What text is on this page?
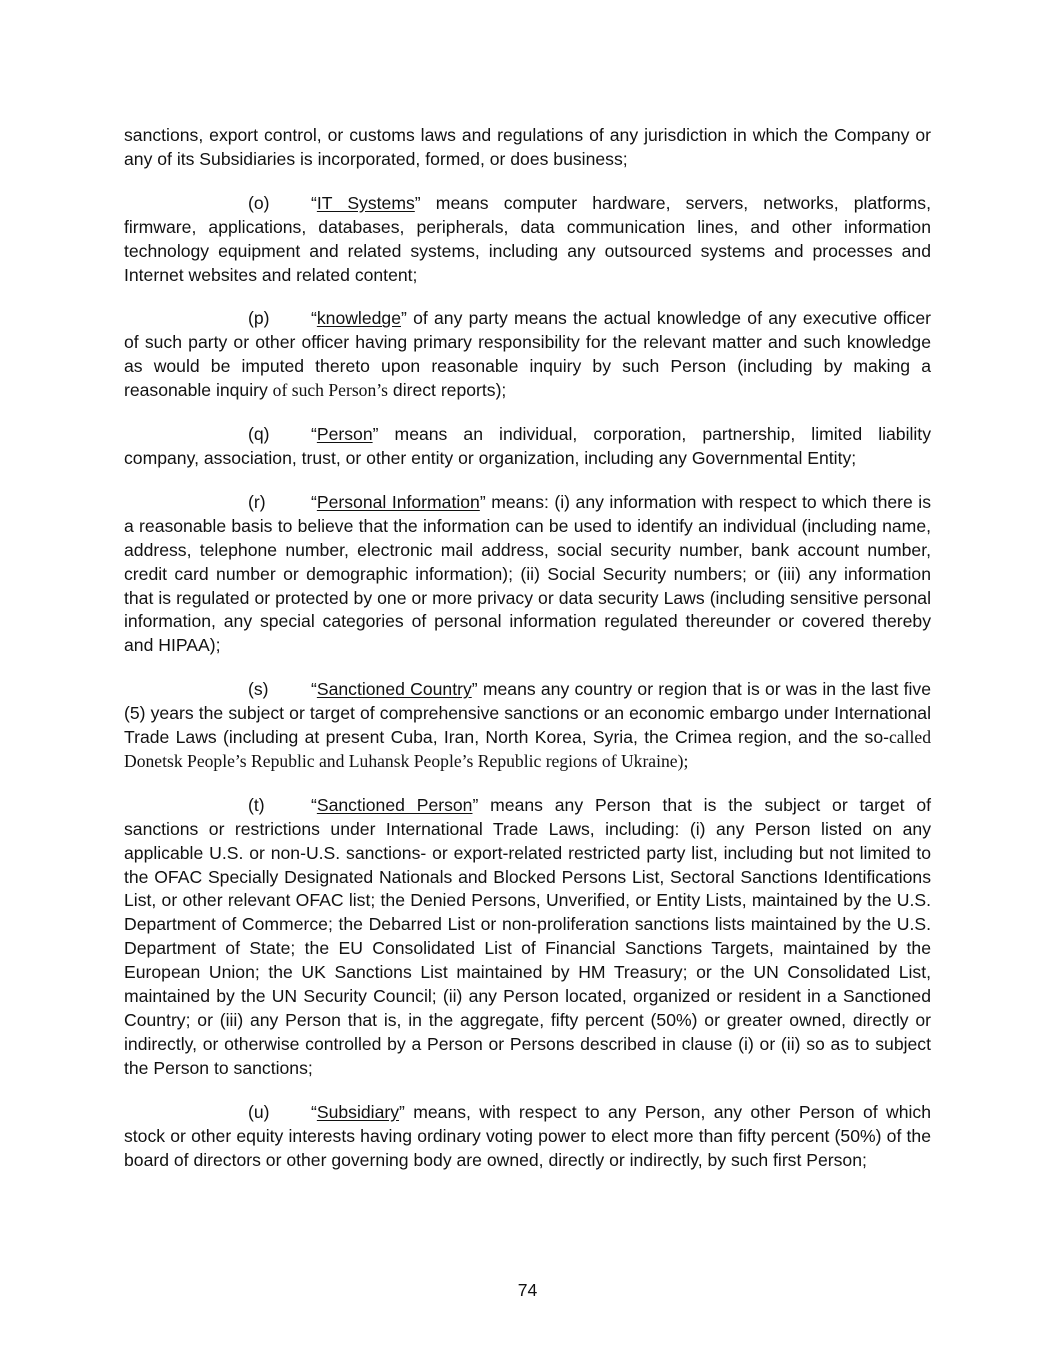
sanctions, export control, or customs laws and regulations of any jurisdiction in which the Company or any of its Subsidiaries is incorporated, formed, or does business;

(o) “IT Systems” means computer hardware, servers, networks, platforms, firmware, applications, databases, peripherals, data communication lines, and other information technology equipment and related systems, including any outsourced systems and processes and Internet websites and related content;

(p) “knowledge” of any party means the actual knowledge of any executive officer of such party or other officer having primary responsibility for the relevant matter and such knowledge as would be imputed thereto upon reasonable inquiry by such Person (including by making a reasonable inquiry of such Person’s direct reports);

(q) “Person” means an individual, corporation, partnership, limited liability company, association, trust, or other entity or organization, including any Governmental Entity;

(r)	“Personal Information” means: (i) any information with respect to which there is a reasonable basis to believe that the information can be used to identify an individual (including name, address, telephone number, electronic mail address, social security number, bank account number, credit card number or demographic information); (ii) Social Security numbers; or (iii) any information that is regulated or protected by one or more privacy or data security Laws (including sensitive personal information, any special categories of personal information regulated thereunder or covered thereby and HIPAA);

(s) “Sanctioned Country” means any country or region that is or was in the last five (5) years the subject or target of comprehensive sanctions or an economic embargo under International Trade Laws (including at present Cuba, Iran, North Korea, Syria, the Crimea region, and the so-called Donetsk People’s Republic and Luhansk People’s Republic regions of Ukraine);

(t)	“Sanctioned Person” means any Person that is the subject or target of sanctions or restrictions under International Trade Laws, including: (i) any Person listed on any applicable U.S. or non-U.S. sanctions- or export-related restricted party list, including but not limited to the OFAC Specially Designated Nationals and Blocked Persons List, Sectoral Sanctions Identifications List, or other relevant OFAC list; the Denied Persons, Unverified, or Entity Lists, maintained by the U.S. Department of Commerce; the Debarred List or non-proliferation sanctions lists maintained by the U.S. Department of State; the EU Consolidated List of Financial Sanctions Targets, maintained by the European Union; the UK Sanctions List maintained by HM Treasury; or the UN Consolidated List, maintained by the UN Security Council; (ii) any Person located, organized or resident in a Sanctioned Country; or (iii) any Person that is, in the aggregate, fifty percent (50%) or greater owned, directly or indirectly, or otherwise controlled by a Person or Persons described in clause (i) or (ii) so as to subject the Person to sanctions;

(u) “Subsidiary” means, with respect to any Person, any other Person of which stock or other equity interests having ordinary voting power to elect more than fifty percent (50%) of the board of directors or other governing body are owned, directly or indirectly, by such first Person;

74
